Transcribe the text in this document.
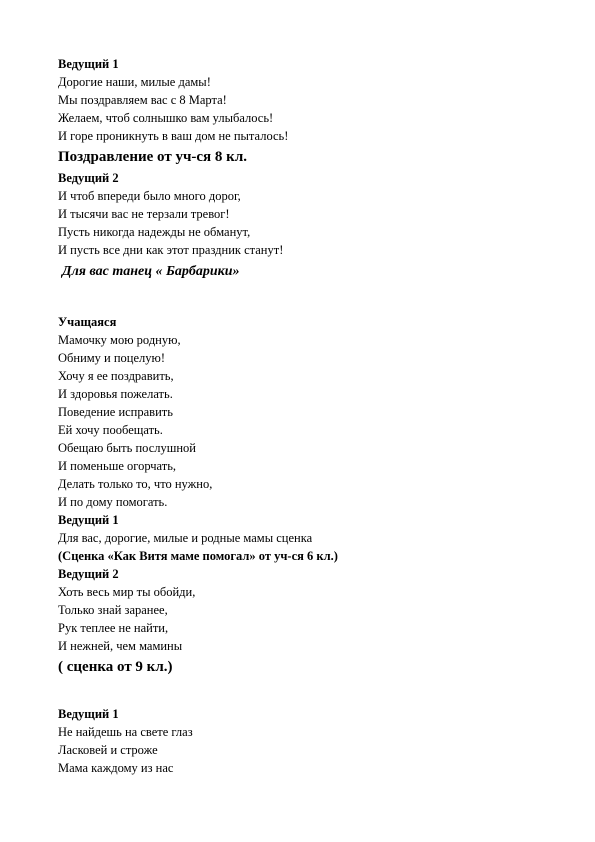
Ведущий 1
Дорогие наши, милые дамы!
Мы поздравляем вас с 8 Марта!
Желаем, чтоб солнышко вам улыбалось!
И горе проникнуть в ваш дом не пыталось!
Поздравление от уч-ся 8 кл.
Ведущий 2
И чтоб впереди было много дорог,
И тысячи вас не терзали тревог!
Пусть никогда надежды не обманут,
И пусть все дни как этот праздник станут!
Для вас танец « Барбарики»
Учащаяся
Мамочку мою родную,
Обниму и поцелую!
Хочу я ее поздравить,
И здоровья пожелать.
Поведение исправить
Ей хочу пообещать.
Обещаю быть послушной
И поменьше огорчать,
Делать только то, что нужно,
И по дому помогать.
Ведущий 1
Для вас, дорогие, милые и родные мамы сценка
(Сценка «Как Витя маме помогал» от уч-ся 6 кл.)
Ведущий 2
Хоть весь мир ты обойди,
Только знай заранее,
Рук теплее не найти,
И нежней, чем мамины
( сценка от 9 кл.)
Ведущий 1
Не найдешь на свете глаз
Ласковей и строже
Мама каждому из нас
